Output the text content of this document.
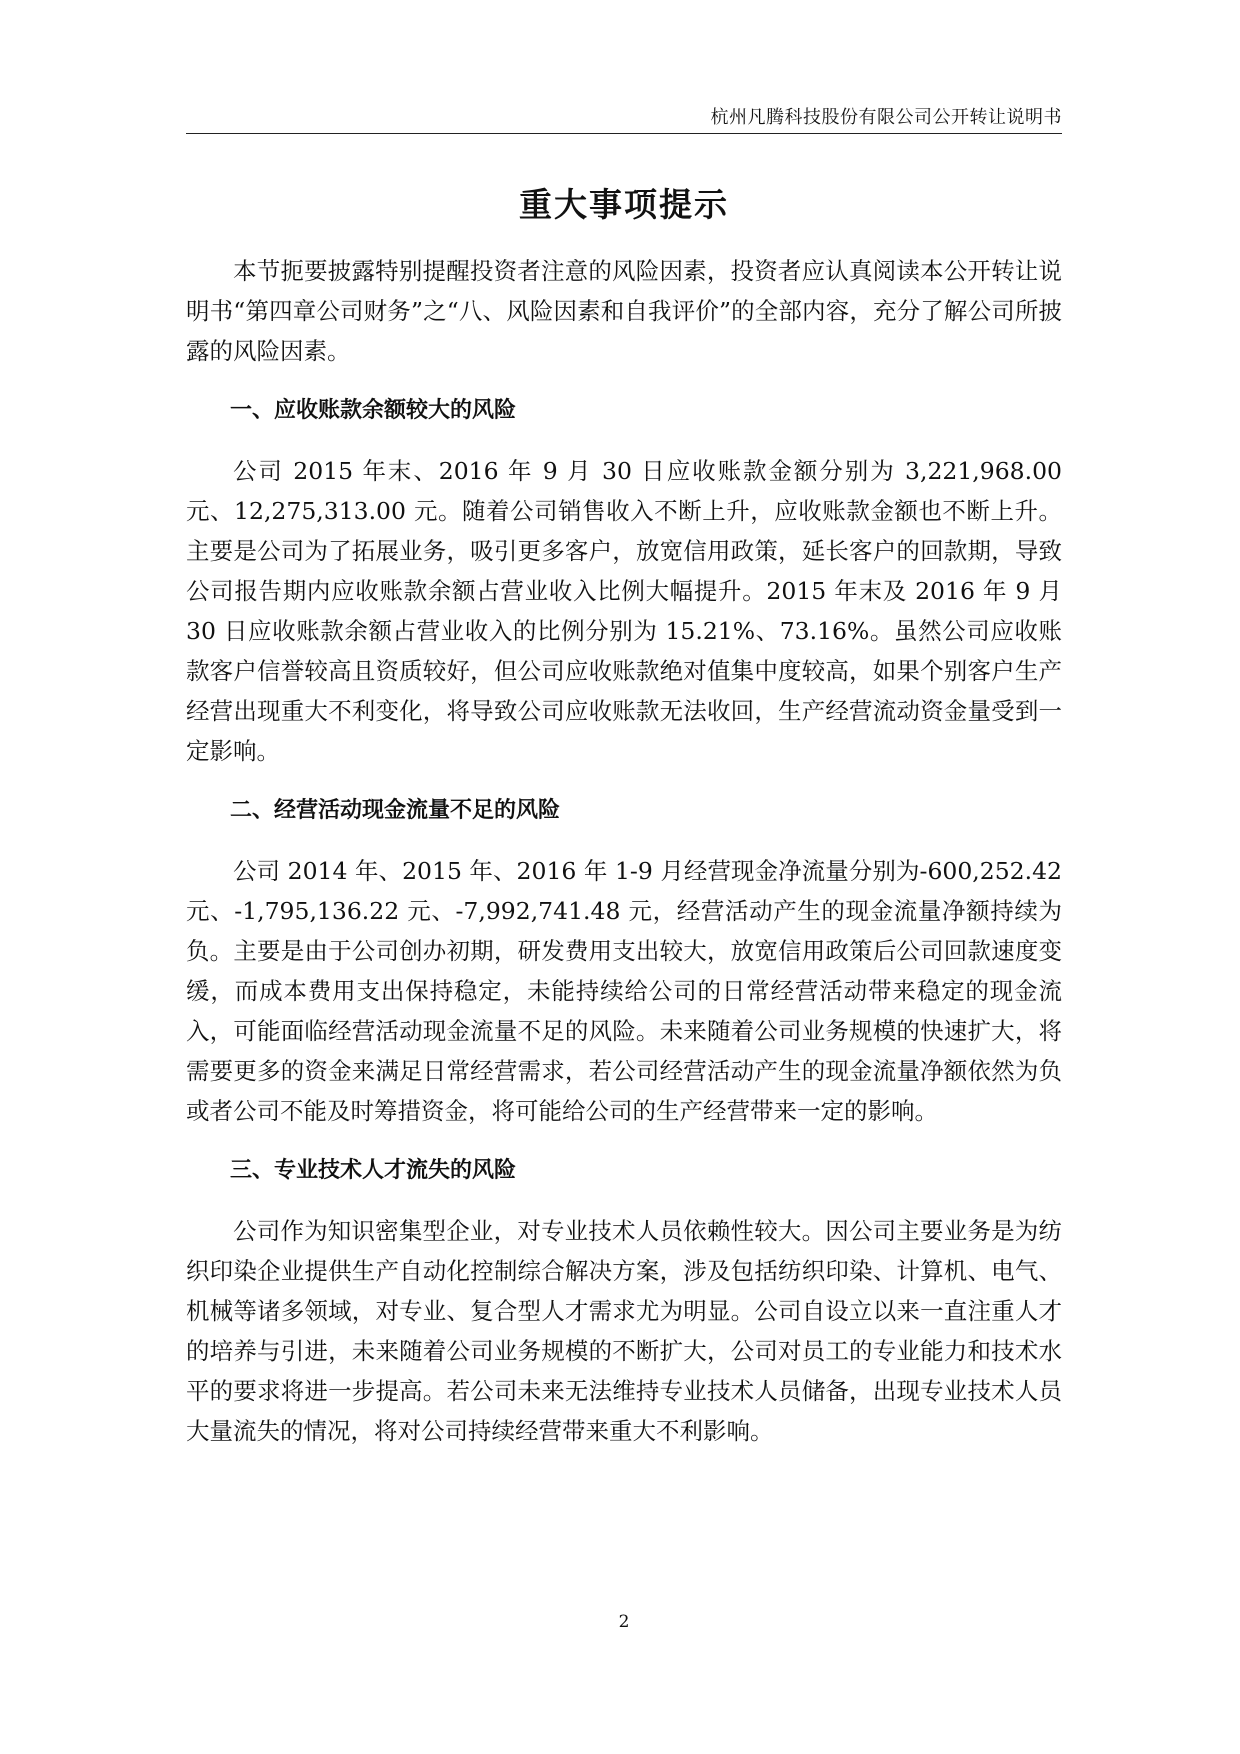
杭州凡腾科技股份有限公司公开转让说明书
重大事项提示

本节扼要披露特别提醒投资者注意的风险因素，投资者应认真阅读本公开转让说明书“第四章公司财务”之“八、风险因素和自我评价”的全部内容，充分了解公司所披露的风险因素。

一、应收账款余额较大的风险

公司 2015 年末、2016 年 9 月 30 日应收账款金额分别为 3,221,968.00 元、12,275,313.00 元。随着公司销售收入不断上升，应收账款金额也不断上升。主要是公司为了拓展业务，吸引更多客户，放宽信用政策，延长客户的回款期，导致公司报告期内应收账款余额占营业收入比例大幅提升。2015 年末及 2016 年 9 月 30 日应收账款余额占营业收入的比例分别为 15.21%、73.16%。虽然公司应收账款客户信誉较高且资质较好，但公司应收账款绝对值集中度较高，如果个别客户生产经营出现重大不利变化，将导致公司应收账款无法收回，生产经营流动资金量受到一定影响。

二、经营活动现金流量不足的风险

公司 2014 年、2015 年、2016 年 1-9 月经营现金净流量分别为-600,252.42 元、-1,795,136.22 元、-7,992,741.48 元，经营活动产生的现金流量净额持续为负。主要是由于公司创办初期，研发费用支出较大，放宽信用政策后公司回款速度变缓，而成本费用支出保持稳定，未能持续给公司的日常经营活动带来稳定的现金流入，可能面临经营活动现金流量不足的风险。未来随着公司业务规模的快速扩大，将需要更多的资金来满足日常经营需求，若公司经营活动产生的现金流量净额依然为负或者公司不能及时筹措资金，将可能给公司的生产经营带来一定的影响。

三、专业技术人才流失的风险

公司作为知识密集型企业，对专业技术人员依赖性较大。因公司主要业务是为纺织印染企业提供生产自动化控制综合解决方案，涉及包括纺织印染、计算机、电气、机械等诸多领域，对专业、复合型人才需求尤为明显。公司自设立以来一直注重人才的培养与引进，未来随着公司业务规模的不断扩大，公司对员工的专业能力和技术水平的要求将进一步提高。若公司未来无法维持专业技术人员储备，出现专业技术人员大量流失的情况，将对公司持续经营带来重大不利影响。

2
